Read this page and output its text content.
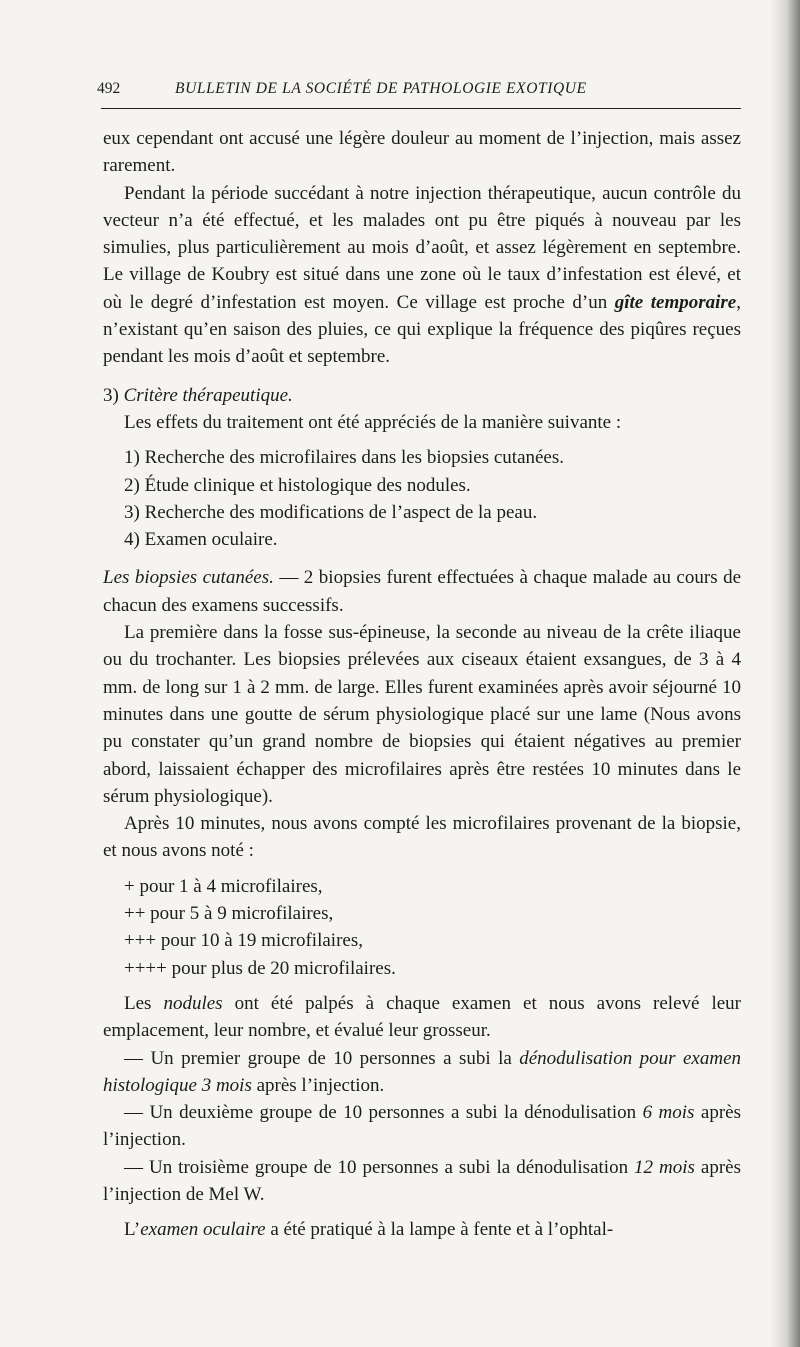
492	BULLETIN DE LA SOCIÉTÉ DE PATHOLOGIE EXOTIQUE

eux cependant ont accusé une légère douleur au moment de l’injection, mais assez rarement.

Pendant la période succédant à notre injection thérapeutique, aucun contrôle du vecteur n’a été effectué, et les malades ont pu être piqués à nouveau par les simulies, plus particulièrement au mois d’août, et assez légèrement en septembre. Le village de Koubry est situé dans une zone où le taux d’infestation est élevé, et où le degré d’infestation est moyen. Ce village est proche d’un gîte temporaire, n’existant qu’en saison des pluies, ce qui explique la fréquence des piqûres reçues pendant les mois d’août et septembre.

3) Critère thérapeutique.

Les effets du traitement ont été appréciés de la manière suivante :

1) Recherche des microfilaires dans les biopsies cutanées.

2) Étude clinique et histologique des nodules.

3) Recherche des modifications de l’aspect de la peau.

4) Examen oculaire.

Les biopsies cutanées. — 2 biopsies furent effectuées à chaque malade au cours de chacun des examens successifs.

La première dans la fosse sus-épineuse, la seconde au niveau de la crête iliaque ou du trochanter. Les biopsies prélevées aux ciseaux étaient exsangues, de 3 à 4 mm. de long sur 1 à 2 mm. de large. Elles furent examinées après avoir séjourné 10 minutes dans une goutte de sérum physiologique placé sur une lame (Nous avons pu constater qu’un grand nombre de biopsies qui étaient négatives au premier abord, laissaient échapper des microfilaires après être restées 10 minutes dans le sérum physiologique).

Après 10 minutes, nous avons compté les microfilaires provenant de la biopsie, et nous avons noté :

+ pour 1 à 4 microfilaires,

++ pour 5 à 9 microfilaires,

+++ pour 10 à 19 microfilaires,

++++ pour plus de 20 microfilaires.

Les nodules ont été palpés à chaque examen et nous avons relevé leur emplacement, leur nombre, et évalué leur grosseur.

— Un premier groupe de 10 personnes a subi la dénodulisation pour examen histologique 3 mois après l’injection.

— Un deuxième groupe de 10 personnes a subi la dénodulisation 6 mois après l’injection.

— Un troisième groupe de 10 personnes a subi la dénodulisation 12 mois après l’injection de Mel W.

L’examen oculaire a été pratiqué à la lampe à fente et à l’ophtal-
